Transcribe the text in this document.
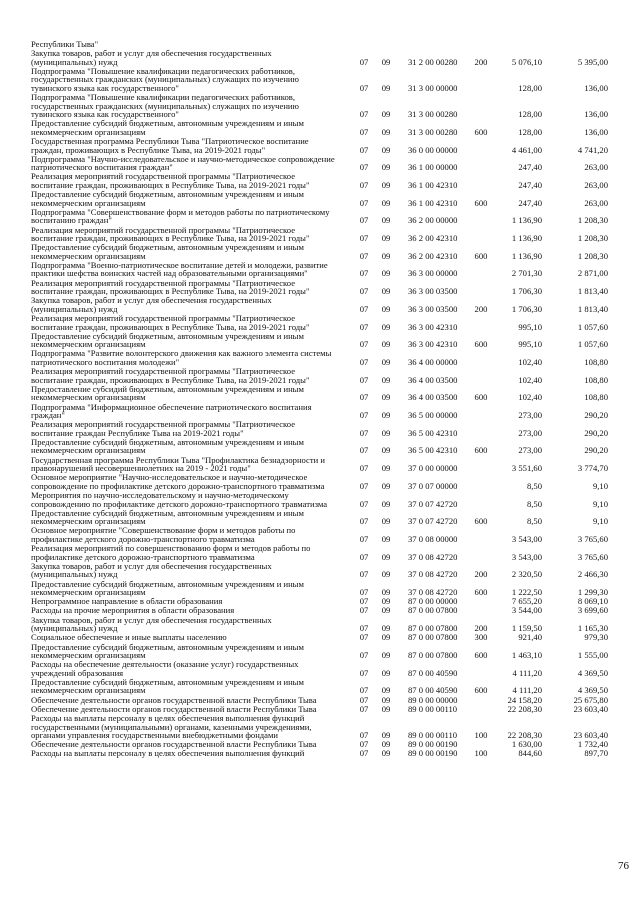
Республики Тыва"
Закупка товаров, работ и услуг для обеспечения государственных
(муниципальных) нужд	07	09	31 2 00 00280	200	5 076,10	5 395,00
Подпрограмма "Повышение квалификации педагогических работников,
государственных гражданских (муниципальных) служащих по изучению
тувинского языка как государственного"	07	09	31 3 00 00000	128,00	136,00
Подпрограмма "Повышение квалификации педагогических работников,
государственных гражданских (муниципальных) служащих по изучению
тувинского языка как государственного"	07	09	31 3 00 00280	128,00	136,00
Предоставление субсидий бюджетным, автономным учреждениям и иным
некоммерческим организациям	07	09	31 3 00 00280	600	128,00	136,00
Государственная программа Республики Тыва "Патриотическое воспитание
граждан, проживающих в Республике Тыва, на 2019-2021 годы"	07	09	36 0 00 00000	4 461,00	4 741,20
Подпрограмма "Научно-исследовательское и научно-методическое сопровождение
патриотического воспитания граждан"	07	09	36 1 00 00000	247,40	263,00
Реализация мероприятий государственной программы "Патриотическое
воспитание граждан, проживающих в Республике Тыва, на 2019-2021 годы"	07	09	36 1 00 42310	247,40	263,00
Предоставление субсидий бюджетным, автономным учреждениям и иным
некоммерческим организациям	07	09	36 1 00 42310	600	247,40	263,00
Подпрограмма "Совершенствование форм и методов работы по патриотическому
воспитанию граждан"	07	09	36 2 00 00000	1 136,90	1 208,30
Реализация мероприятий государственной программы "Патриотическое
воспитание граждан, проживающих в Республике Тыва, на 2019-2021 годы"	07	09	36 2 00 42310	1 136,90	1 208,30
Предоставление субсидий бюджетным, автономным учреждениям и иным
некоммерческим организациям	07	09	36 2 00 42310	600	1 136,90	1 208,30
Подпрограмма "Военно-патриотическое воспитание детей и молодежи, развитие
практики шефства воинских частей над образовательными организациями"	07	09	36 3 00 00000	2 701,30	2 871,00
Реализация мероприятий государственной программы "Патриотическое
воспитание граждан, проживающих в Республике Тыва, на 2019-2021 годы"	07	09	36 3 00 03500	1 706,30	1 813,40
Закупка товаров, работ и услуг для обеспечения государственных
(муниципальных) нужд	07	09	36 3 00 03500	200	1 706,30	1 813,40
Реализация мероприятий государственной программы "Патриотическое
воспитание граждан, проживающих в Республике Тыва, на 2019-2021 годы"	07	09	36 3 00 42310	995,10	1 057,60
Предоставление субсидий бюджетным, автономным учреждениям и иным
некоммерческим организациям	07	09	36 3 00 42310	600	995,10	1 057,60
Подпрограмма "Развитие волонтерского движения как важного элемента системы
патриотического воспитания молодежи"	07	09	36 4 00 00000	102,40	108,80
Реализация мероприятий государственной программы "Патриотическое
воспитание граждан, проживающих в Республике Тыва, на 2019-2021 годы"	07	09	36 4 00 03500	102,40	108,80
Предоставление субсидий бюджетным, автономным учреждениям и иным
некоммерческим организациям	07	09	36 4 00 03500	600	102,40	108,80
Подпрограмма "Информационное обеспечение патриотического воспитания
граждан"	07	09	36 5 00 00000	273,00	290,20
Реализация мероприятий государственной программы "Патриотическое
воспитание граждан Республике Тыва на 2019-2021 годы"	07	09	36 5 00 42310	273,00	290,20
Предоставление субсидий бюджетным, автономным учреждениям и иным
некоммерческим организациям	07	09	36 5 00 42310	600	273,00	290,20
Государственная программа Республики Тыва "Профилактика безнадзорности и
правонарушений несовершеннолетних на 2019 - 2021 годы"	07	09	37 0 00 00000	3 551,60	3 774,70
Основное мероприятие "Научно-исследовательское и научно-методическое
сопровождение по профилактике детского дорожно-транспортного травматизма	07	09	37 0 07 00000	8,50	9,10
Мероприятия по научно-исследовательскому и научно-методическому
сопровождению по профилактике детского дорожно-транспортного травматизма	07	09	37 0 07 42720	8,50	9,10
Предоставление субсидий бюджетным, автономным учреждениям и иным
некоммерческим организациям	07	09	37 0 07 42720	600	8,50	9,10
Основное мероприятие "Совершенствование форм и методов работы по
профилактике детского дорожно-транспортного травматизма	07	09	37 0 08 00000	3 543,00	3 765,60
Реализация мероприятий по совершенствованию форм и методов работы по
профилактике детского дорожно-транспортного травматизма	07	09	37 0 08 42720	3 543,00	3 765,60
Закупка товаров, работ и услуг для обеспечения государственных
(муниципальных) нужд	07	09	37 0 08 42720	200	2 320,50	2 466,30
Предоставление субсидий бюджетным, автономным учреждениям и иным
некоммерческим организациям	07	09	37 0 08 42720	600	1 222,50	1 299,30
Непрограммное направление в области образования	07	09	87 0 00 00000	7 655,20	8 069,10
Расходы на прочие мероприятия в области образования	07	09	87 0 00 07800	3 544,00	3 699,60
Закупка товаров, работ и услуг для обеспечения государственных
(муниципальных) нужд	07	09	87 0 00 07800	200	1 159,50	1 165,30
Социальное обеспечение и иные выплаты населению	07	09	87 0 00 07800	300	921,40	979,30
Предоставление субсидий бюджетным, автономным учреждениям и иным
некоммерческим организациям	07	09	87 0 00 07800	600	1 463,10	1 555,00
Расходы на обеспечение деятельности (оказание услуг) государственных
учреждений образования	07	09	87 0 00 40590	4 111,20	4 369,50
Предоставление субсидий бюджетным, автономным учреждениям и иным
некоммерческим организациям	07	09	87 0 00 40590	600	4 111,20	4 369,50
Обеспечение деятельности органов государственной власти Республики Тыва	07	09	89 0 00 00000	24 158,20	25 675,80
Обеспечение деятельности органов государственной власти Республики Тыва	07	09	89 0 00 00110	22 208,30	23 603,40
Расходы на выплаты персоналу в целях обеспечения выполнения функций
государственными (муниципальными) органами, казенными учреждениями,
органами управления государственными внебюджетными фондами	07	09	89 0 00 00110	100	22 208,30	23 603,40
Обеспечение деятельности органов государственной власти Республики Тыва	07	09	89 0 00 00190	1 630,00	1 732,40
Расходы на выплаты персоналу в целях обеспечения выполнения функций	07	09	89 0 00 00190	100	844,60	897,70
76
